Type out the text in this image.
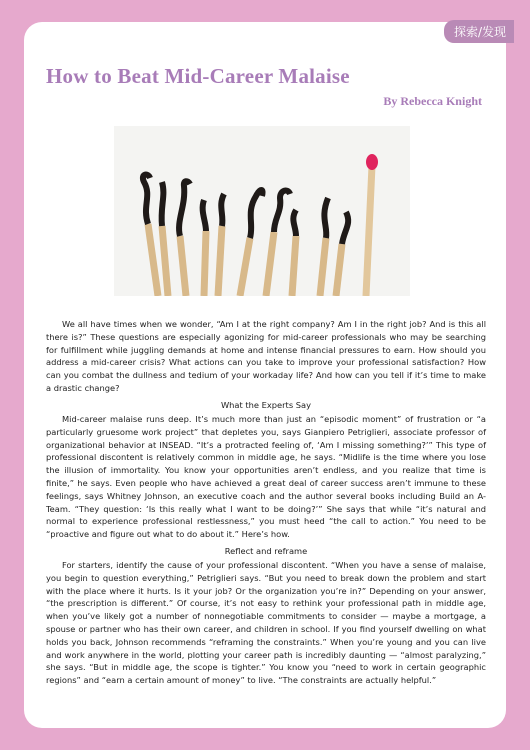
探索/发现
How to Beat Mid-Career Malaise
By Rebecca Knight

We all have times when we wonder, “Am I at the right company? Am I in the right job? And is this all there is?” These questions are especially agonizing for mid-career professionals who may be searching for fulfillment while juggling demands at home and intense financial pressures to earn. How should you address a mid-career crisis? What actions can you take to improve your professional satisfaction? How can you combat the dullness and tedium of your workaday life? And how can you tell if it’s time to make a drastic change?

What the Experts Say

Mid-career malaise runs deep. It’s much more than just an “episodic moment” of frustration or “a particularly gruesome work project” that depletes you, says Gianpiero Petriglieri, associate professor of organizational behavior at INSEAD. “It’s a protracted feeling of, ‘Am I missing something?’” This type of professional discontent is relatively common in middle age, he says. “Midlife is the time where you lose the illusion of immortality. You know your opportunities aren’t endless, and you realize that time is finite,” he says. Even people who have achieved a great deal of career success aren’t immune to these feelings, says Whitney Johnson, an executive coach and the author several books including Build an A-Team. “They question: ‘Is this really what I want to be doing?’” She says that while “it’s natural and normal to experience professional restlessness,” you must heed “the call to action.” You need to be “proactive and figure out what to do about it.” Here’s how.

Reflect and reframe

For starters, identify the cause of your professional discontent. “When you have a sense of malaise, you begin to question everything,” Petriglieri says. “But you need to break down the problem and start with the place where it hurts. Is it your job? Or the organization you’re in?” Depending on your answer, “the prescription is different.” Of course, it’s not easy to rethink your professional path in middle age, when you’ve likely got a number of nonnegotiable commitments to consider — maybe a mortgage, a spouse or partner who has their own career, and children in school. If you find yourself dwelling on what holds you back, Johnson recommends “reframing the constraints.” When you’re young and you can live and work anywhere in the world, plotting your career path is incredibly daunting — “almost paralyzing,” she says. “But in middle age, the scope is tighter.” You know you “need to work in certain geographic regions” and “earn a certain amount of money” to live. “The constraints are actually helpful.”
